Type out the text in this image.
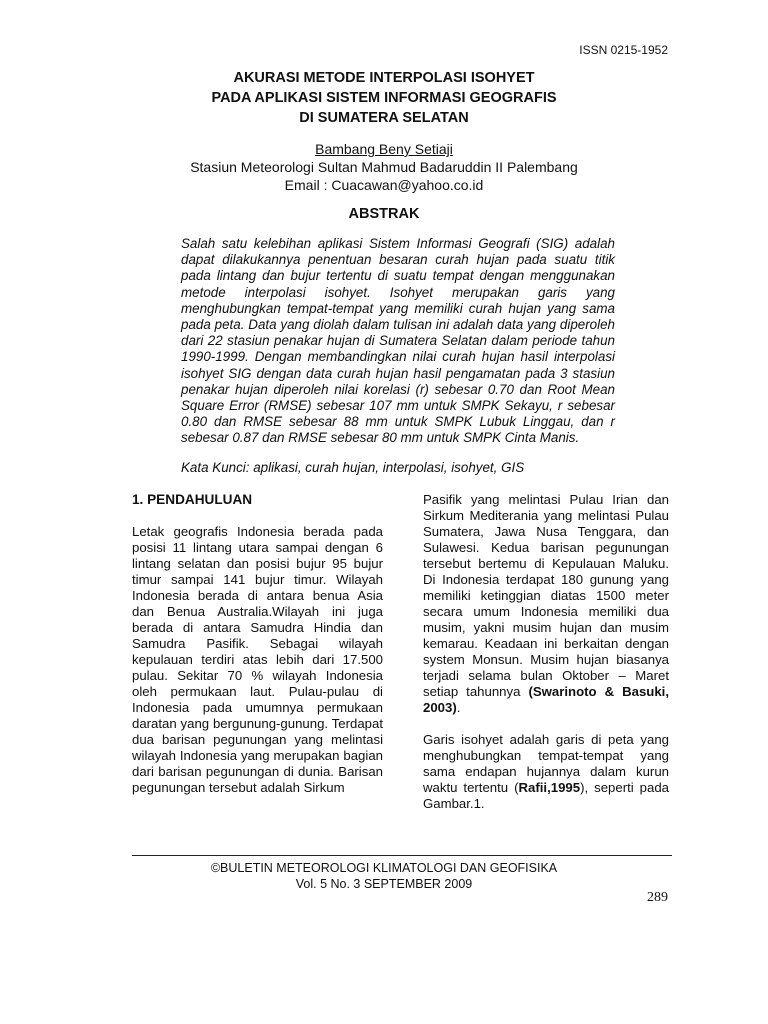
ISSN 0215-1952
AKURASI METODE INTERPOLASI ISOHYET
PADA APLIKASI SISTEM INFORMASI GEOGRAFIS
DI SUMATERA SELATAN
Bambang Beny Setiaji
Stasiun Meteorologi Sultan Mahmud Badaruddin II Palembang
Email : Cuacawan@yahoo.co.id
ABSTRAK
Salah satu kelebihan aplikasi Sistem Informasi Geografi (SIG) adalah dapat dilakukannya penentuan besaran curah hujan pada suatu titik pada lintang dan bujur tertentu di suatu tempat dengan menggunakan metode interpolasi isohyet. Isohyet merupakan garis yang menghubungkan tempat-tempat yang memiliki curah hujan yang sama pada peta. Data yang diolah dalam tulisan ini adalah data yang diperoleh dari 22 stasiun penakar hujan di Sumatera Selatan dalam periode tahun 1990-1999. Dengan membandingkan nilai curah hujan hasil interpolasi isohyet SIG dengan data curah hujan hasil pengamatan pada 3 stasiun penakar hujan diperoleh nilai korelasi (r) sebesar 0.70 dan Root Mean Square Error (RMSE) sebesar 107 mm untuk SMPK Sekayu, r sebesar 0.80 dan RMSE sebesar 88 mm untuk SMPK Lubuk Linggau, dan r sebesar 0.87 dan RMSE sebesar 80 mm untuk SMPK Cinta Manis.
Kata Kunci: aplikasi, curah hujan, interpolasi, isohyet, GIS
1. PENDAHULUAN

Letak geografis Indonesia berada pada posisi 11 lintang utara sampai dengan 6 lintang selatan dan posisi bujur 95 bujur timur sampai 141 bujur timur. Wilayah Indonesia berada di antara benua Asia dan Benua Australia.Wilayah ini juga berada di antara Samudra Hindia dan Samudra Pasifik. Sebagai wilayah kepulauan terdiri atas lebih dari 17.500 pulau. Sekitar 70 % wilayah Indonesia oleh permukaan laut. Pulau-pulau di Indonesia pada umumnya permukaan daratan yang bergunung-gunung. Terdapat dua barisan pegunungan yang melintasi wilayah Indonesia yang merupakan bagian dari barisan pegunungan di dunia. Barisan pegunungan tersebut adalah Sirkum

Pasifik yang melintasi Pulau Irian dan Sirkum Mediterania yang melintasi Pulau Sumatera, Jawa Nusa Tenggara, dan Sulawesi. Kedua barisan pegunungan tersebut bertemu di Kepulauan Maluku. Di Indonesia terdapat 180 gunung yang memiliki ketinggian diatas 1500 meter secara umum Indonesia memiliki dua musim, yakni musim hujan dan musim kemarau. Keadaan ini berkaitan dengan system Monsun. Musim hujan biasanya terjadi selama bulan Oktober – Maret setiap tahunnya (Swarinoto & Basuki, 2003).

Garis isohyet adalah garis di peta yang menghubungkan tempat-tempat yang sama endapan hujannya dalam kurun waktu tertentu (Rafii,1995), seperti pada Gambar.1.

©BULETIN METEOROLOGI KLIMATOLOGI DAN GEOFISIKA
Vol. 5 No. 3 SEPTEMBER 2009
289
